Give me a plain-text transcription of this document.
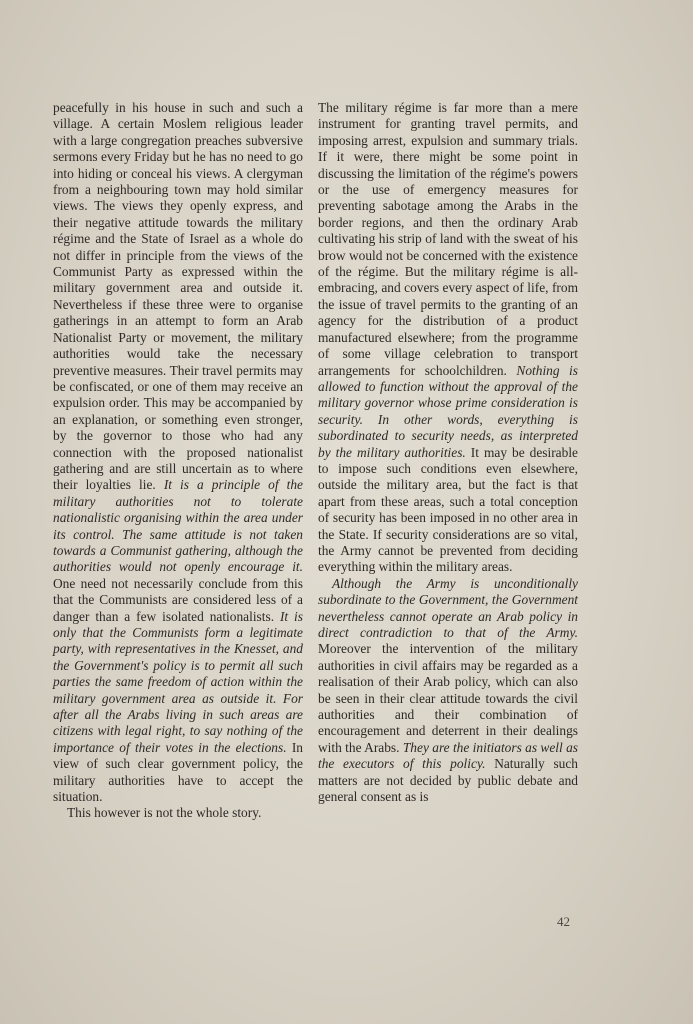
peacefully in his house in such and such a village. A certain Moslem religious leader with a large congregation preaches subversive sermons every Friday but he has no need to go into hiding or conceal his views. A clergyman from a neighbouring town may hold similar views. The views they openly express, and their negative attitude towards the military régime and the State of Israel as a whole do not differ in principle from the views of the Communist Party as expressed within the military government area and outside it. Nevertheless if these three were to organise gatherings in an attempt to form an Arab Nationalist Party or movement, the military authorities would take the necessary preventive measures. Their travel permits may be confiscated, or one of them may receive an expulsion order. This may be accompanied by an explanation, or something even stronger, by the governor to those who had any connection with the proposed nationalist gathering and are still uncertain as to where their loyalties lie. It is a principle of the military authorities not to tolerate nationalistic organising within the area under its control. The same attitude is not taken towards a Communist gathering, although the authorities would not openly encourage it. One need not necessarily conclude from this that the Communists are considered less of a danger than a few isolated nationalists. It is only that the Communists form a legitimate party, with representatives in the Knesset, and the Government's policy is to permit all such parties the same freedom of action within the military government area as outside it. For after all the Arabs living in such areas are citizens with legal right, to say nothing of the importance of their votes in the elections. In view of such clear government policy, the military authorities have to accept the situation.

This however is not the whole story.

The military régime is far more than a mere instrument for granting travel permits, and imposing arrest, expulsion and summary trials. If it were, there might be some point in discussing the limitation of the régime's powers or the use of emergency measures for preventing sabotage among the Arabs in the border regions, and then the ordinary Arab cultivating his strip of land with the sweat of his brow would not be concerned with the existence of the régime. But the military régime is all-embracing, and covers every aspect of life, from the issue of travel permits to the granting of an agency for the distribution of a product manufactured elsewhere; from the programme of some village celebration to transport arrangements for schoolchildren. Nothing is allowed to function without the approval of the military governor whose prime consideration is security. In other words, everything is subordinated to security needs, as interpreted by the military authorities. It may be desirable to impose such conditions even elsewhere, outside the military area, but the fact is that apart from these areas, such a total conception of security has been imposed in no other area in the State. If security considerations are so vital, the Army cannot be prevented from deciding everything within the military areas.

Although the Army is unconditionally subordinate to the Government, the Government nevertheless cannot operate an Arab policy in direct contradiction to that of the Army. Moreover the intervention of the military authorities in civil affairs may be regarded as a realisation of their Arab policy, which can also be seen in their clear attitude towards the civil authorities and their combination of encouragement and deterrent in their dealings with the Arabs. They are the initiators as well as the executors of this policy. Naturally such matters are not decided by public debate and general consent as is

42
